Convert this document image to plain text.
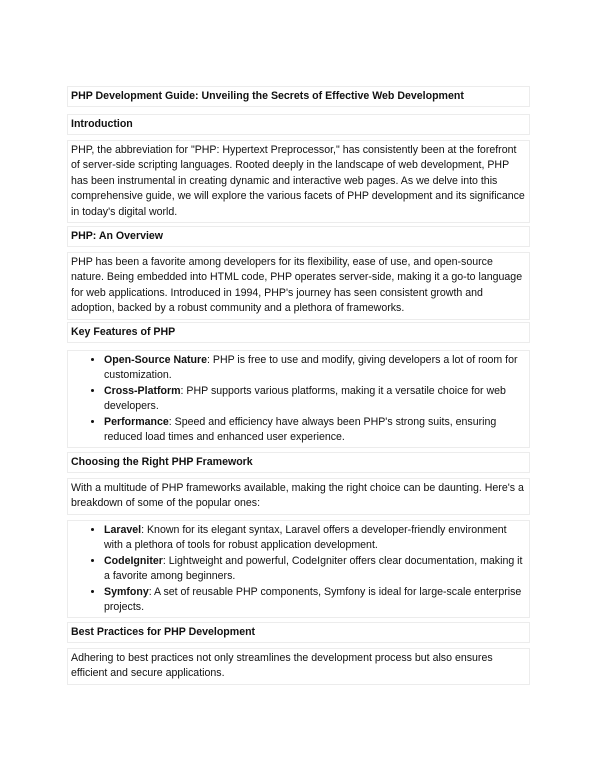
PHP Development Guide: Unveiling the Secrets of Effective Web Development
Introduction
PHP, the abbreviation for "PHP: Hypertext Preprocessor," has consistently been at the forefront of server-side scripting languages. Rooted deeply in the landscape of web development, PHP has been instrumental in creating dynamic and interactive web pages. As we delve into this comprehensive guide, we will explore the various facets of PHP development and its significance in today's digital world.
PHP: An Overview
PHP has been a favorite among developers for its flexibility, ease of use, and open-source nature. Being embedded into HTML code, PHP operates server-side, making it a go-to language for web applications. Introduced in 1994, PHP's journey has seen consistent growth and adoption, backed by a robust community and a plethora of frameworks.
Key Features of PHP
• Open-Source Nature: PHP is free to use and modify, giving developers a lot of room for customization.
• Cross-Platform: PHP supports various platforms, making it a versatile choice for web developers.
• Performance: Speed and efficiency have always been PHP's strong suits, ensuring reduced load times and enhanced user experience.
Choosing the Right PHP Framework
With a multitude of PHP frameworks available, making the right choice can be daunting. Here's a breakdown of some of the popular ones:
• Laravel: Known for its elegant syntax, Laravel offers a developer-friendly environment with a plethora of tools for robust application development.
• CodeIgniter: Lightweight and powerful, CodeIgniter offers clear documentation, making it a favorite among beginners.
• Symfony: A set of reusable PHP components, Symfony is ideal for large-scale enterprise projects.
Best Practices for PHP Development
Adhering to best practices not only streamlines the development process but also ensures efficient and secure applications.
